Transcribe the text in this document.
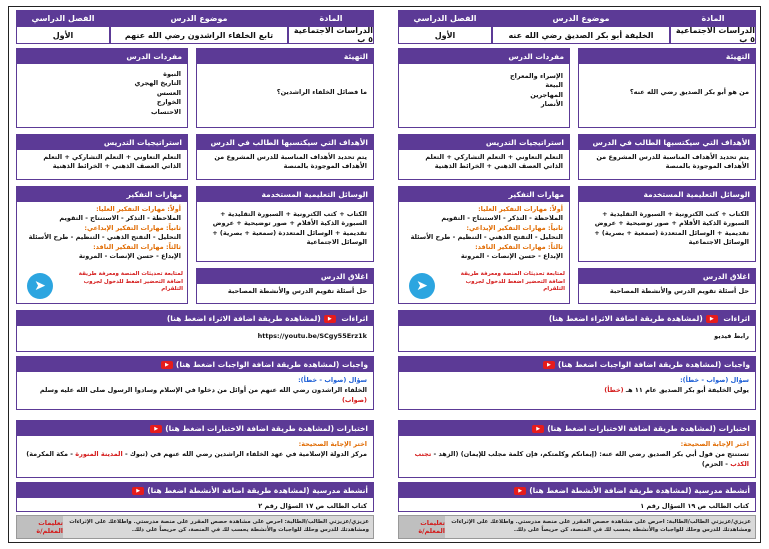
المادة
موضوع الدرس
الفصل الدراسي
الدراسات الاجتماعية ٥ ب
الخليفة أبو بكر الصديق رضي الله عنه
الأول
التهيئة
من هو أبو بكر الصديق رضي الله عنه؟
مفردات الدرس
الإسراء والمعراج
البيعة
المهاجرين
الأنصار
الأهداف التي سيكتسبها الطالب في الدرس
يتم تحديد الأهداف المناسبة للدرس المشروع من الأهداف الموجودة بالمنصة
استراتيجيات التدريس
التعلم التعاوني + التعلم التشاركي + التعلم الذاتي العصف الذهني + الخرائط الذهنية
الوسائل التعليمية المستخدمة
الكتاب + كتب الكترونية + السبورة التقليدية + السبورة الذكية الأقلام + صور توضيحية + عروض تقديمية + الوسائل المتعددة (سمعية + بصرية) + الوسائل الاجتماعية
اغلاق الدرس
حل أسئلة تقويم الدرس والأنشطة المصاحبة
مهارات التفكير
أولاً: مهارات التفكير العليا:
الملاحظة - التذكر - الاستنتاج - التقويم
ثانياً: مهارات التفكير الإبداعي:
التحليل - التفتح الذهني - التنظيم - طرح الأسئلة
ثالثاً: مهارات التفكير الناقد:
الإبداع - حسن الإنصات - المرونة
➤
لمتابعة تحديثات المنصة ومعرفة طريقة اضافة التحضير اضغط للدخول لجروب التلقرام
اثراءات ▶(لمشاهدة طريقة اضافة الاثراء اضغط هنا)
رابط فيديو
واجبات (لمشاهدة طريقة اضافة الواجبات اضغط هنا)▶
سؤال (صواب - خطأ):
يولي الخليفة أبو بكر الصديق عام ١١ هـ (خطأ)
اختبارات (لمشاهدة طريقة اضافة الاختبارات اضغط هنا)▶
اختر الإجابة الصحيحة:
تستنتج من قول أبي بكر الصديق رضي الله عنه: (إيمانكم وكلمتكم، فإن كلمة مجلب للإيمان) (الزهد - تجنب الكذب - الحزم)
أنشطة مدرسية (لمشاهدة طريقة اضافة الأنشطة اضغط هنا)▶
كتاب الطالب ص ١٩ السؤال رقم ١
عزيزي/عزيزتي الطالب/الطالبة: احرص على مشاهدة حصص المقرر على منصة مدرستي. واطلاعك على الإثراءات ومشاهدتك للدرس وحلك للواجبات والأنشطة يحسب لك في المنصة، كن حريصاً على ذلك.
تعليمات المعلم/ة
المادة
موضوع الدرس
الفصل الدراسي
الدراسات الاجتماعية ٥ ب
تابع الخلفاء الراشدون رضي الله عنهم
الأول
التهيئة
ما فضائل الخلفاء الراشدين؟
مفردات الدرس
النبوة
التاريخ الهجري
العسس
الخوارج
الاحتساب
الأهداف التي سيكتسبها الطالب في الدرس
يتم تحديد الأهداف المناسبة للدرس المشروع من الأهداف الموجودة بالمنصة
استراتيجيات التدريس
التعلم التعاوني + التعلم التشاركي + التعلم الذاتي العصف الذهني + الخرائط الذهنية
الوسائل التعليمية المستخدمة
الكتاب + كتب الكترونية + السبورة التقليدية + السبورة الذكية الأقلام + صور توضيحية + عروض تقديمية + الوسائل المتعددة (سمعية + بصرية) + الوسائل الاجتماعية
اغلاق الدرس
حل أسئلة تقويم الدرس والأنشطة المصاحبة
مهارات التفكير
أولاً: مهارات التفكير العليا:
الملاحظة - التذكر - الاستنتاج - التقويم
ثانياً: مهارات التفكير الإبداعي:
التحليل - التفتح الذهني - التنظيم - طرح الأسئلة
ثالثاً: مهارات التفكير الناقد:
الإبداع - حسن الإنصات - المرونة
➤
لمتابعة تحديثات المنصة ومعرفة طريقة اضافة التحضير اضغط للدخول لجروب التلقرام
اثراءات ▶(لمشاهدة طريقة اضافة الاثراء اضغط هنا)
https://youtu.be/SCgy55Erz1k
واجبات (لمشاهدة طريقة اضافة الواجبات اضغط هنا)▶
سؤال (صواب - خطأ):
الخلفاء الراشدون رضي الله عنهم من أوائل من دخلوا في الإسلام وسادوا الرسول صلى الله عليه وسلم (صواب)
اختبارات (لمشاهدة طريقة اضافة الاختبارات اضغط هنا)▶
اختر الإجابة الصحيحة:
مركز الدولة الإسلامية في عهد الخلفاء الراشدين رضي الله عنهم في (تبوك - المدينة المنورة - مكة المكرمة)
أنشطة مدرسية (لمشاهدة طريقة اضافة الأنشطة اضغط هنا)▶
كتاب الطالب ص ١٧ السؤال رقم ٢
عزيزي/عزيزتي الطالب/الطالبة: احرص على مشاهدة حصص المقرر على منصة مدرستي. واطلاعك على الإثراءات ومشاهدتك للدرس وحلك للواجبات والأنشطة يحسب لك في المنصة، كن حريصاً على ذلك.
تعليمات المعلم/ة
